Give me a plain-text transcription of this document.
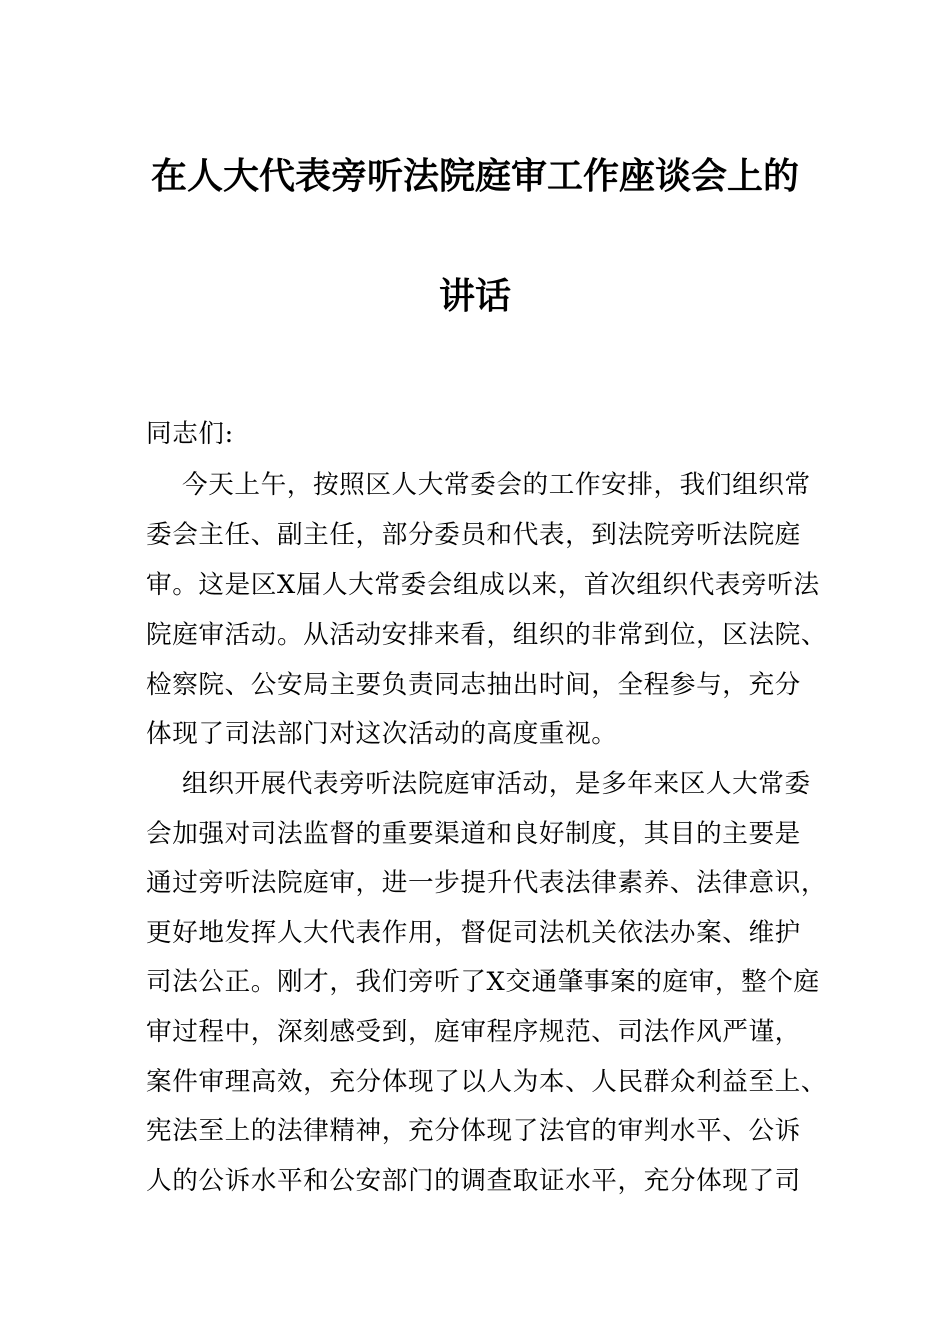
在人大代表旁听法院庭审工作座谈会上的
讲话
同志们:
今天上午，按照区人大常委会的工作安排，我们组织常
委会主任、副主任，部分委员和代表，到法院旁听法院庭
审。这是区X届人大常委会组成以来，首次组织代表旁听法
院庭审活动。从活动安排来看，组织的非常到位，区法院、
检察院、公安局主要负责同志抽出时间，全程参与，充分
体现了司法部门对这次活动的高度重视。
组织开展代表旁听法院庭审活动，是多年来区人大常委
会加强对司法监督的重要渠道和良好制度，其目的主要是
通过旁听法院庭审，进一步提升代表法律素养、法律意识，
更好地发挥人大代表作用，督促司法机关依法办案、维护
司法公正。刚才，我们旁听了X交通肇事案的庭审，整个庭
审过程中，深刻感受到，庭审程序规范、司法作风严谨，
案件审理高效，充分体现了以人为本、人民群众利益至上、
宪法至上的法律精神，充分体现了法官的审判水平、公诉
人的公诉水平和公安部门的调查取证水平，充分体现了司
